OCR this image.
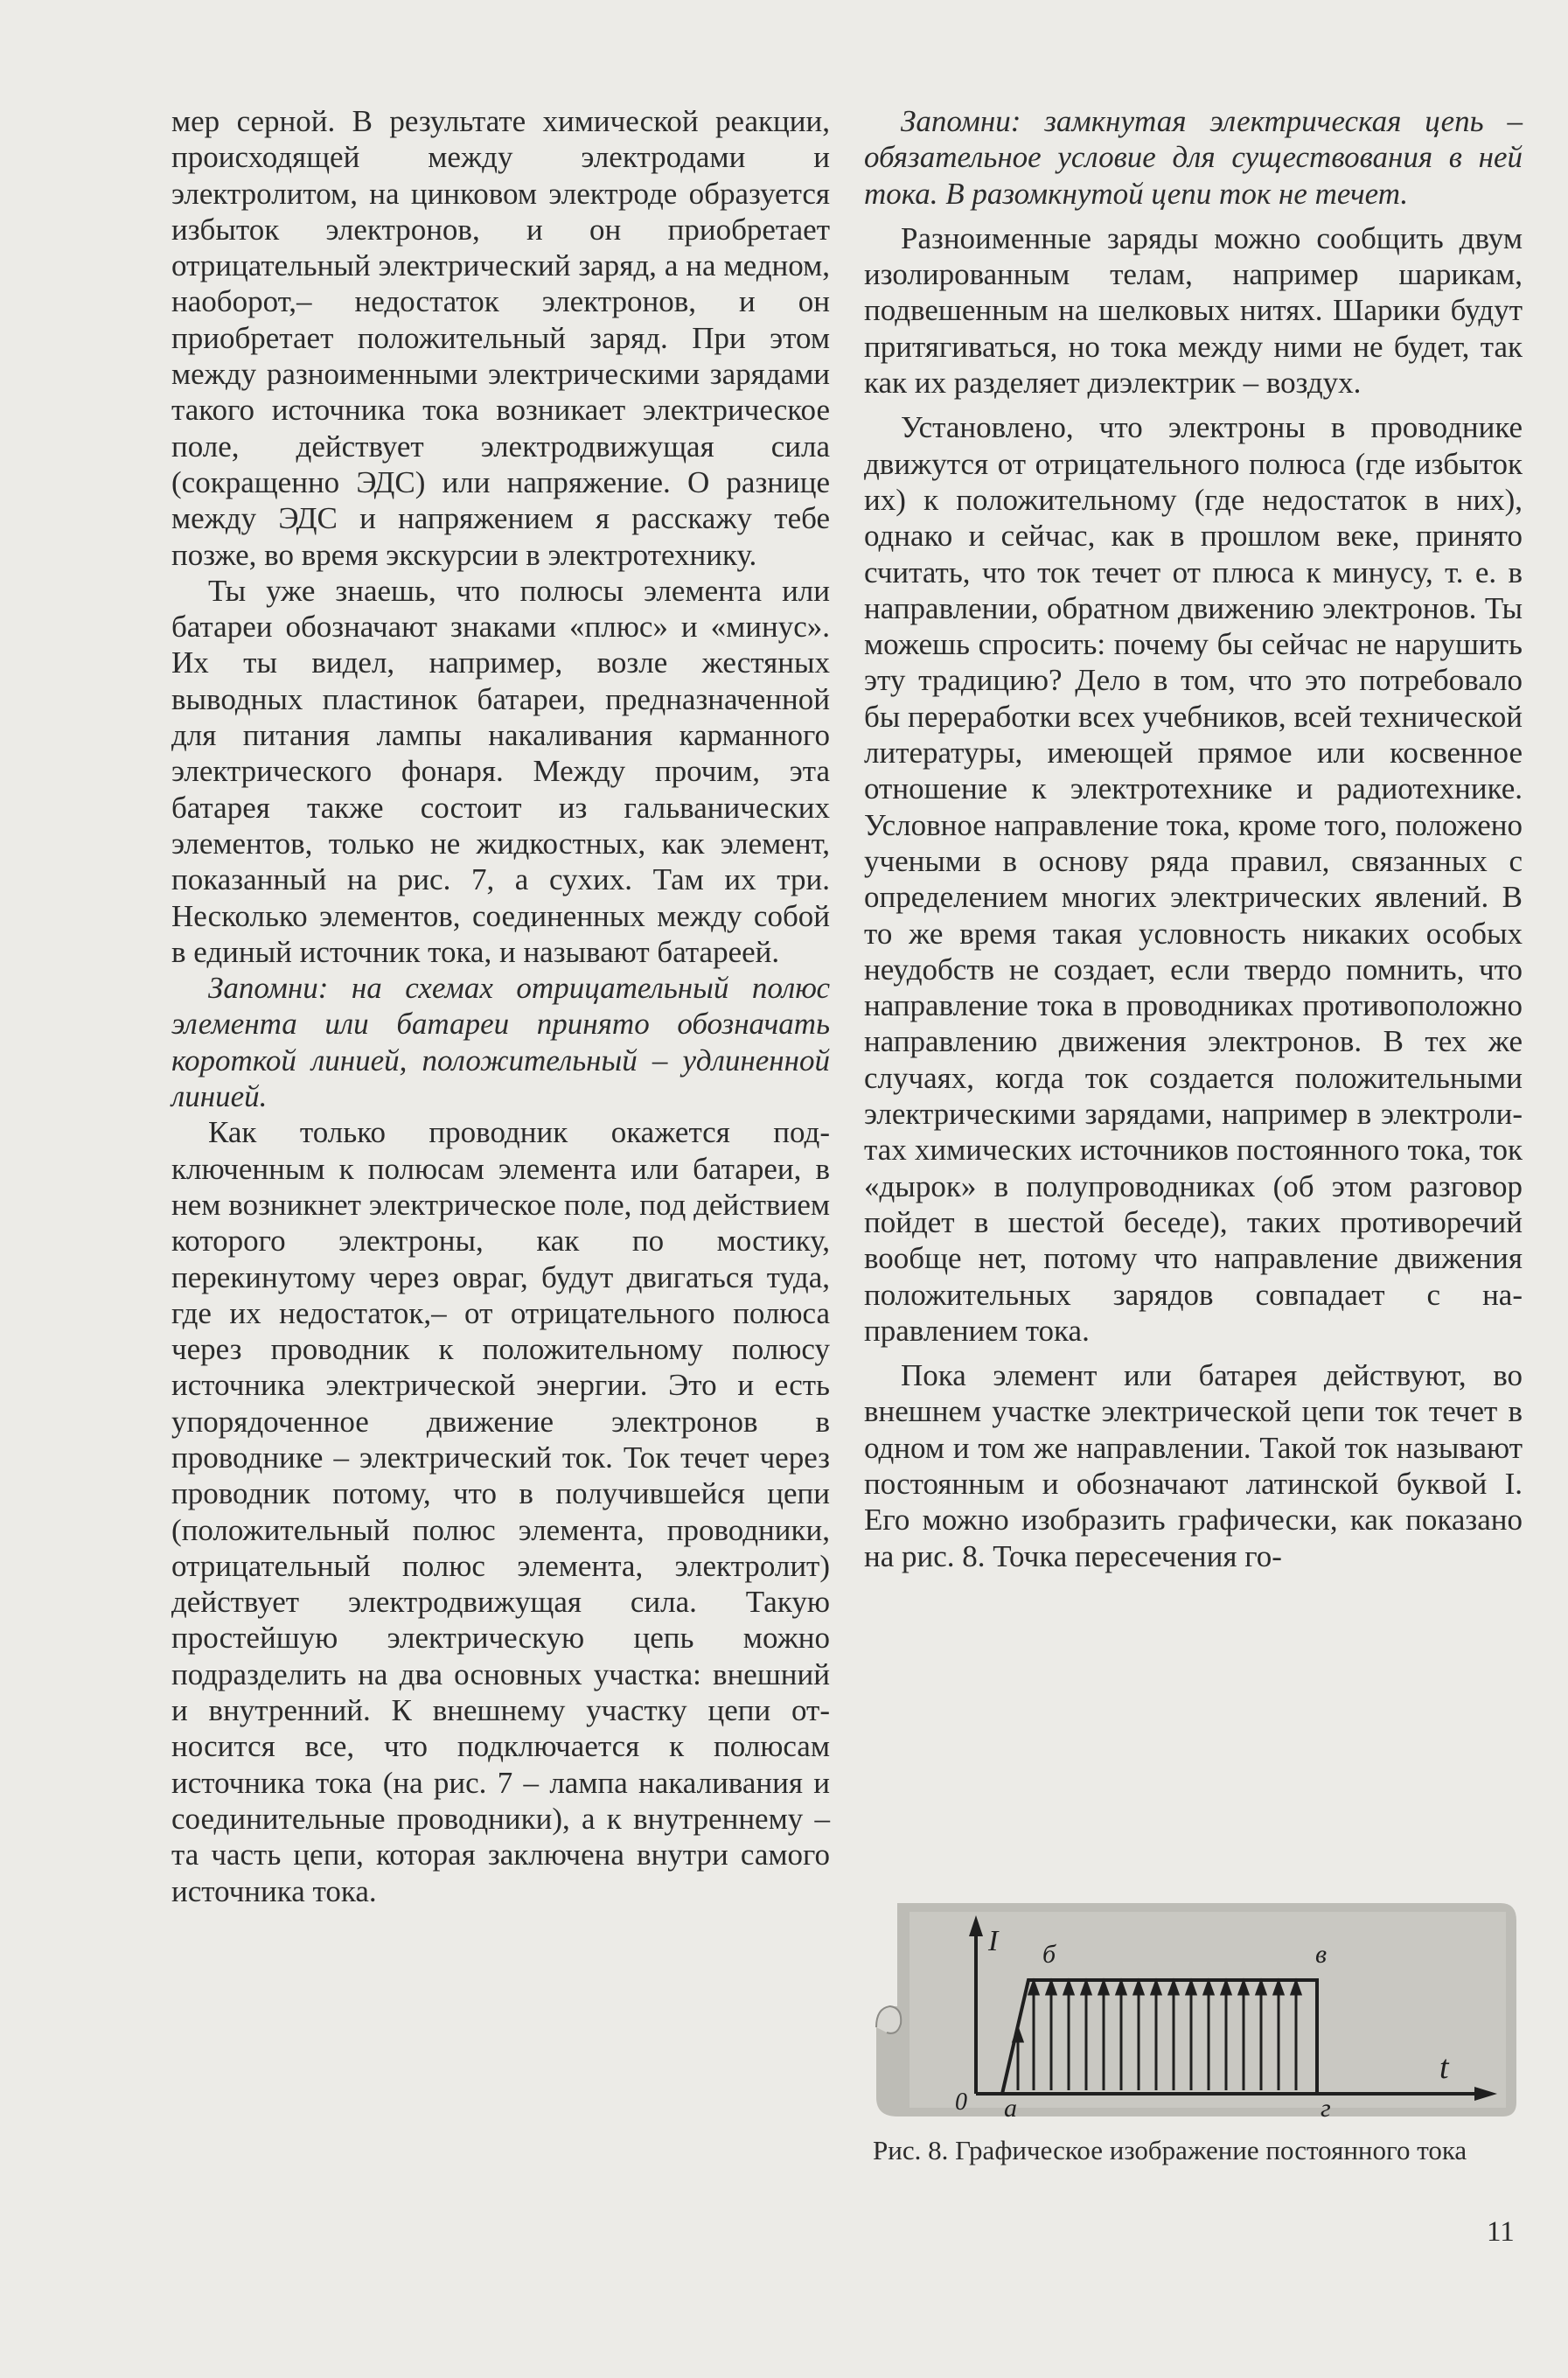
мер серной. В результате химической реакции, происходящей между электродами и электролитом, на цинковом электроде образуется избыток электронов, и он приобретает отрицательный электрический заряд, а на медном, наоборот,– недостаток электронов, и он приобретает положительный заряд. При этом между разноименными электрическими зарядами такого источника тока возникает электрическое поле, действует электродвижущая сила (сокращенно ЭДС) или напряжение. О разнице между ЭДС и напряжением я расскажу тебе позже, во время экскурсии в электротехнику.

Ты уже знаешь, что полюсы элемента или батареи обозначают знаками «плюс» и «минус». Их ты видел, например, возле жестяных выводных пластинок батареи, предназначенной для питания лампы накаливания карманного электрического фонаря. Между прочим, эта батарея также состоит из гальванических элементов, только не жидкостных, как элемент, показанный на рис. 7, а сухих. Там их три. Несколько элементов, соединенных между собой в единый источник тока, и называют батареей.

Запомни: на схемах отрицательный полюс элемента или батареи принято обозначать короткой линией, положительный – удлиненной линией.

Как только проводник окажется подключенным к полюсам элемента или батареи, в нем возникнет электрическое поле, под действием которого электроны, как по мостику, перекинутому через овраг, будут двигаться туда, где их недостаток,– от отрицательного полюса через проводник к положительному полюсу источника электрической энергии. Это и есть упорядоченное движение электронов в проводнике – электрический ток. Ток течет через проводник потому, что в получившейся цепи (положительный полюс элемента, проводники, отрицательный полюс элемента, электролит) действует электродвижущая сила. Такую простейшую электрическую цепь можно подразделить на два основных участка: внешний и внутренний. К внешнему участку цепи относится все, что подключается к полюсам источника тока (на рис. 7 – лампа накаливания и соединительные проводники), а к внутреннему – та часть цепи, которая заключена внутри самого источника тока.

Запомни: замкнутая электрическая цепь – обязательное условие для существования в ней тока. В разомкнутой цепи ток не течет.

Разноименные заряды можно сообщить двум изолированным телам, например шарикам, подвешенным на шелковых нитях. Шарики будут притягиваться, но тока между ними не будет, так как их разделяет диэлектрик – воздух.

Установлено, что электроны в проводнике движутся от отрицательного полюса (где избыток их) к положительному (где недостаток в них), однако и сейчас, как в прошлом веке, принято считать, что ток течет от плюса к минусу, т. е. в направлении, обратном движению электронов. Ты можешь спросить: почему бы сейчас не нарушить эту традицию? Дело в том, что это потребовало бы переработки всех учебников, всей технической литературы, имеющей прямое или косвенное отношение к электротехнике и радиотехнике. Условное направление тока, кроме того, положено учеными в основу ряда правил, связанных с определением многих электрических явлений. В то же время такая условность никаких особых неудобств не создает, если твердо помнить, что направление тока в проводниках противоположно направлению движения электронов. В тех же случаях, когда ток создается положительными электрическими зарядами, например в электролитах химических источников постоянного тока, ток «дырок» в полупроводниках (об этом разговор пойдет в шестой беседе), таких противоречий вообще нет, потому что направление движения положительных зарядов совпадает с направлением тока.

Пока элемент или батарея действуют, во внешнем участке электрической цепи ток течет в одном и том же направлении. Такой ток называют постоянным и обозначают латинской буквой I. Его можно изобразить графически, как показано на рис. 8. Точка пересечения го-

I
t
0 а
б	в
г
Рис. 8. Графическое изображение постоянного тока
11
